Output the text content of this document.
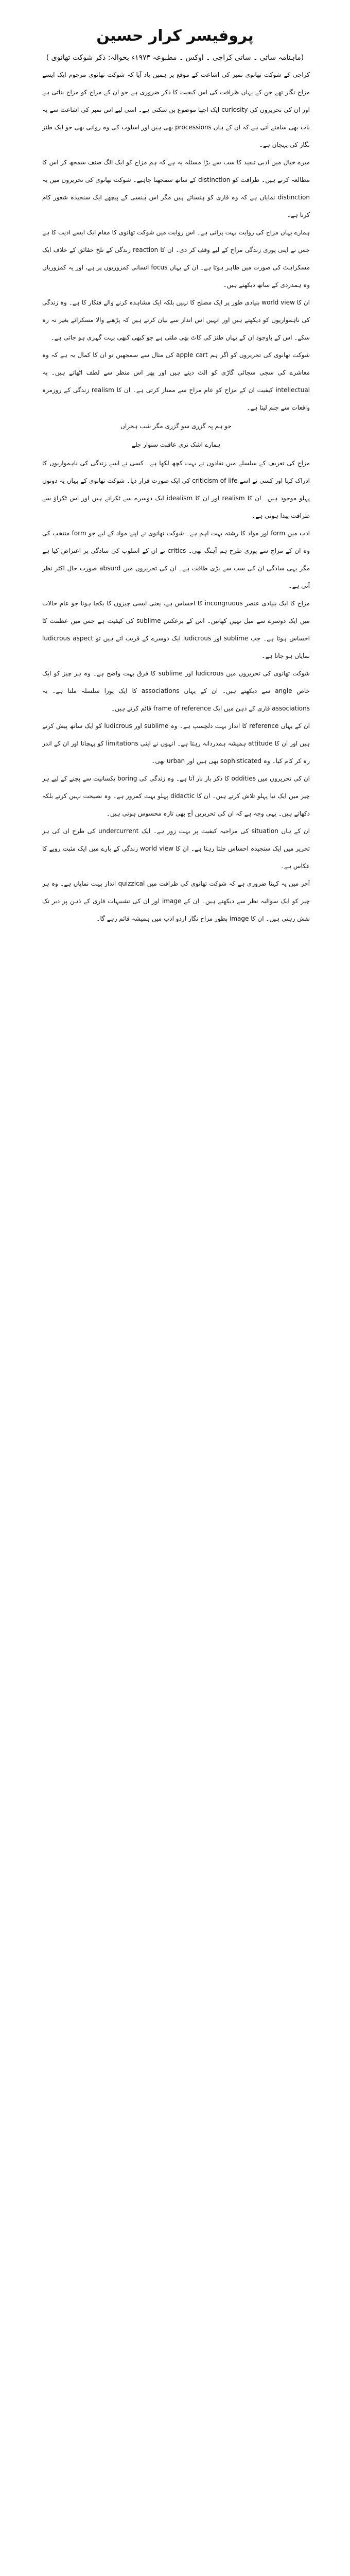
پروفیسر کرار حسین
(ماہنامہ ساتی ۔ ساتی کراچی ۔ اوکس ۔ مطبوعہ ۱۹۷۳ء بحوالہ: ذکر شوکت تھانوی )

کراچی کے شوکت تھانوی نمبر کی اشاعت کے موقع پر ہمیں یاد آیا کہ شوکت تھانوی مرحوم ایک ایسے مزاح نگار تھے جن کے یہاں ظرافت کی اس کیفیت کا ذکر ضروری ہے جو ان کے مزاح کو مزاح بناتی ہے اور ان کی تحریروں کی curiosity ایک اچھا موضوع بن سکتی ہے۔ اسی لیے اس نمبر کی اشاعت سے یہ بات بھی سامنے آتی ہے کہ ان کے ہاں processions بھی ہیں اور اسلوب کی وہ روانی بھی جو ایک طنز نگار کی پہچان ہے۔

میرے خیال میں ادبی تنقید کا سب سے بڑا مسئلہ یہ ہے کہ ہم مزاح کو ایک الگ صنف سمجھ کر اس کا مطالعہ کرتے ہیں۔ ظرافت کو distinction کے ساتھ سمجھنا چاہیے۔ شوکت تھانوی کی تحریروں میں یہ distinction نمایاں ہے کہ وہ قاری کو ہنساتے ہیں مگر اس ہنسی کے پیچھے ایک سنجیدہ شعور کام کرتا ہے۔

ہمارے یہاں مزاح کی روایت بہت پرانی ہے۔ اس روایت میں شوکت تھانوی کا مقام ایک ایسے ادیب کا ہے جس نے اپنی پوری زندگی مزاح کے لیے وقف کر دی۔ ان کا reaction زندگی کے تلخ حقائق کے خلاف ایک مسکراہٹ کی صورت میں ظاہر ہوتا ہے۔ ان کے یہاں focus انسانی کمزوریوں پر ہے، اور یہ کمزوریاں وہ ہمدردی کے ساتھ دیکھتے ہیں۔

ان کا world view بنیادی طور پر ایک مصلح کا نہیں بلکہ ایک مشاہدہ کرنے والے فنکار کا ہے۔ وہ زندگی کی ناہمواریوں کو دیکھتے ہیں اور انہیں اس انداز سے بیان کرتے ہیں کہ پڑھنے والا مسکرائے بغیر نہ رہ سکے۔ اس کے باوجود ان کے یہاں طنز کی کاٹ بھی ملتی ہے جو کبھی کبھی بہت گہری ہو جاتی ہے۔

شوکت تھانوی کی تحریروں کو اگر ہم apple cart کی مثال سے سمجھیں تو ان کا کمال یہ ہے کہ وہ معاشرے کی سجی سجائی گاڑی کو الٹ دیتے ہیں اور پھر اس منظر سے لطف اٹھاتے ہیں۔ یہ intellectual کیفیت ان کے مزاح کو عام مزاح سے ممتاز کرتی ہے۔ ان کا realism زندگی کے روزمرہ واقعات سے جنم لیتا ہے۔

جو ہم پہ گزری سو گزری مگر شب ہجراں

ہمارے اشک تری عاقبت سنوار چلے

مزاح کی تعریف کے سلسلے میں نقادوں نے بہت کچھ لکھا ہے۔ کسی نے اسے زندگی کی ناہمواریوں کا ادراک کہا اور کسی نے اسے criticism of life کی ایک صورت قرار دیا۔ شوکت تھانوی کے یہاں یہ دونوں پہلو موجود ہیں۔ ان کا realism اور ان کا idealism ایک دوسرے سے ٹکراتے ہیں اور اس ٹکراؤ سے ظرافت پیدا ہوتی ہے۔

ادب میں form اور مواد کا رشتہ بہت اہم ہے۔ شوکت تھانوی نے اپنے مواد کے لیے جو form منتخب کی وہ ان کے مزاج سے پوری طرح ہم آہنگ تھی۔ critics نے ان کے اسلوب کی سادگی پر اعتراض کیا ہے مگر یہی سادگی ان کی سب سے بڑی طاقت ہے۔ ان کی تحریروں میں absurd صورت حال اکثر نظر آتی ہے۔

مزاح کا ایک بنیادی عنصر incongruous کا احساس ہے، یعنی ایسی چیزوں کا یکجا ہونا جو عام حالات میں ایک دوسرے سے میل نہیں کھاتیں۔ اس کے برعکس sublime کی کیفیت ہے جس میں عظمت کا احساس ہوتا ہے۔ جب sublime اور ludicrous ایک دوسرے کے قریب آتے ہیں تو ludicrous aspect نمایاں ہو جاتا ہے۔

شوکت تھانوی کی تحریروں میں ludicrous اور sublime کا فرق بہت واضح ہے۔ وہ ہر چیز کو ایک خاص angle سے دیکھتے ہیں۔ ان کے یہاں associations کا ایک پورا سلسلہ ملتا ہے۔ یہ associations قاری کے ذہن میں ایک frame of reference قائم کرتے ہیں۔

ان کے یہاں reference کا انداز بہت دلچسپ ہے۔ وہ sublime اور ludicrous کو ایک ساتھ پیش کرتے ہیں اور ان کا attitude ہمیشہ ہمدردانہ رہتا ہے۔ انہوں نے اپنی limitations کو پہچانا اور ان کے اندر رہ کر کام کیا۔ وہ sophisticated بھی ہیں اور urban بھی۔

ان کی تحریروں میں oddities کا ذکر بار بار آتا ہے۔ وہ زندگی کی boring یکسانیت سے بچنے کے لیے ہر چیز میں ایک نیا پہلو تلاش کرتے ہیں۔ ان کا didactic پہلو بہت کمزور ہے۔ وہ نصیحت نہیں کرتے بلکہ دکھاتے ہیں۔ یہی وجہ ہے کہ ان کی تحریریں آج بھی تازہ محسوس ہوتی ہیں۔

ان کے ہاں situation کی مزاحیہ کیفیت پر بہت زور ہے۔ ایک undercurrent کی طرح ان کی ہر تحریر میں ایک سنجیدہ احساس چلتا رہتا ہے۔ ان کا world view زندگی کے بارے میں ایک مثبت رویے کا عکاس ہے۔

آخر میں یہ کہنا ضروری ہے کہ شوکت تھانوی کی ظرافت میں quizzical انداز بہت نمایاں ہے۔ وہ ہر چیز کو ایک سوالیہ نظر سے دیکھتے ہیں۔ ان کے image اور ان کی تشبیہات قاری کے ذہن پر دیر تک نقش رہتی ہیں۔ ان کا image بطور مزاح نگار اردو ادب میں ہمیشہ قائم رہے گا۔
